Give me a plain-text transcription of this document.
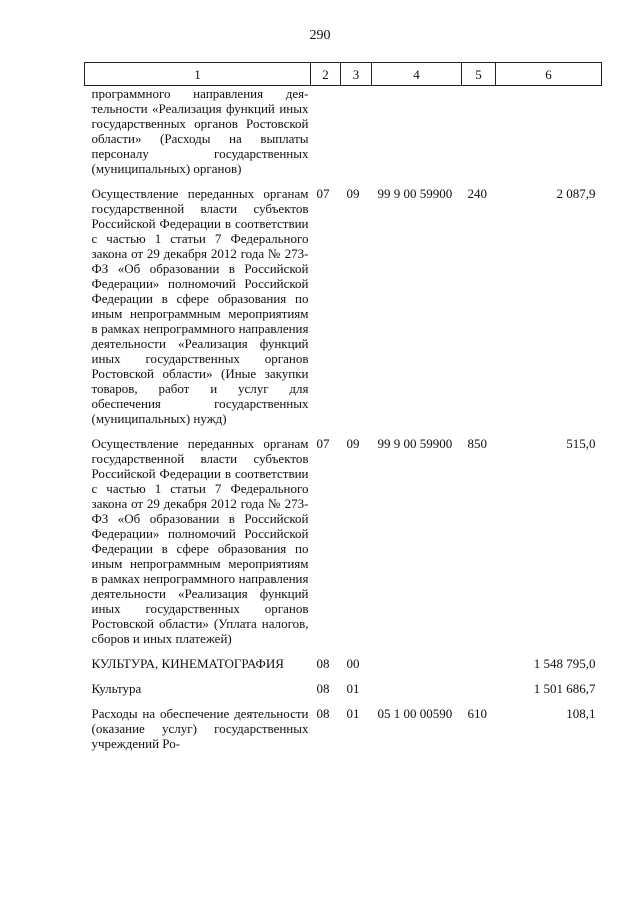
290
1	2	3	4	5	6
программного направления деятельности «Реализация функций иных государственных органов Ростовской области» (Расходы на выплаты персоналу государственных (муниципальных) органов)					
Осуществление переданных органам государственной власти субъектов Российской Федерации в соответствии с частью 1 статьи 7 Федерального закона от 29 декабря 2012 года № 273-ФЗ «Об образовании в Российской Федерации» полномочий Российской Федерации в сфере образования по иным непрограммным мероприятиям в рамках непрограммного направления деятельности «Реализация функций иных государственных органов Ростовской области» (Иные закупки товаров, работ и услуг для обеспечения государственных (муниципальных) нужд)	07	09	99 9 00 59900	240	2 087,9
Осуществление переданных органам государственной власти субъектов Российской Федерации в соответствии с частью 1 статьи 7 Федерального закона от 29 декабря 2012 года № 273-ФЗ «Об образовании в Российской Федерации» полномочий Российской Федерации в сфере образования по иным непрограммным мероприятиям в рамках непрограммного направления деятельности «Реализация функций иных государственных органов Ростовской области» (Уплата налогов, сборов и иных платежей)	07	09	99 9 00 59900	850	515,0
КУЛЬТУРА, КИНЕМАТОГРАФИЯ	08	00			1 548 795,0
Культура	08	01			1 501 686,7
Расходы на обеспечение деятельности (оказание услуг) государственных учреждений Ро-	08	01	05 1 00 00590	610	108,1
